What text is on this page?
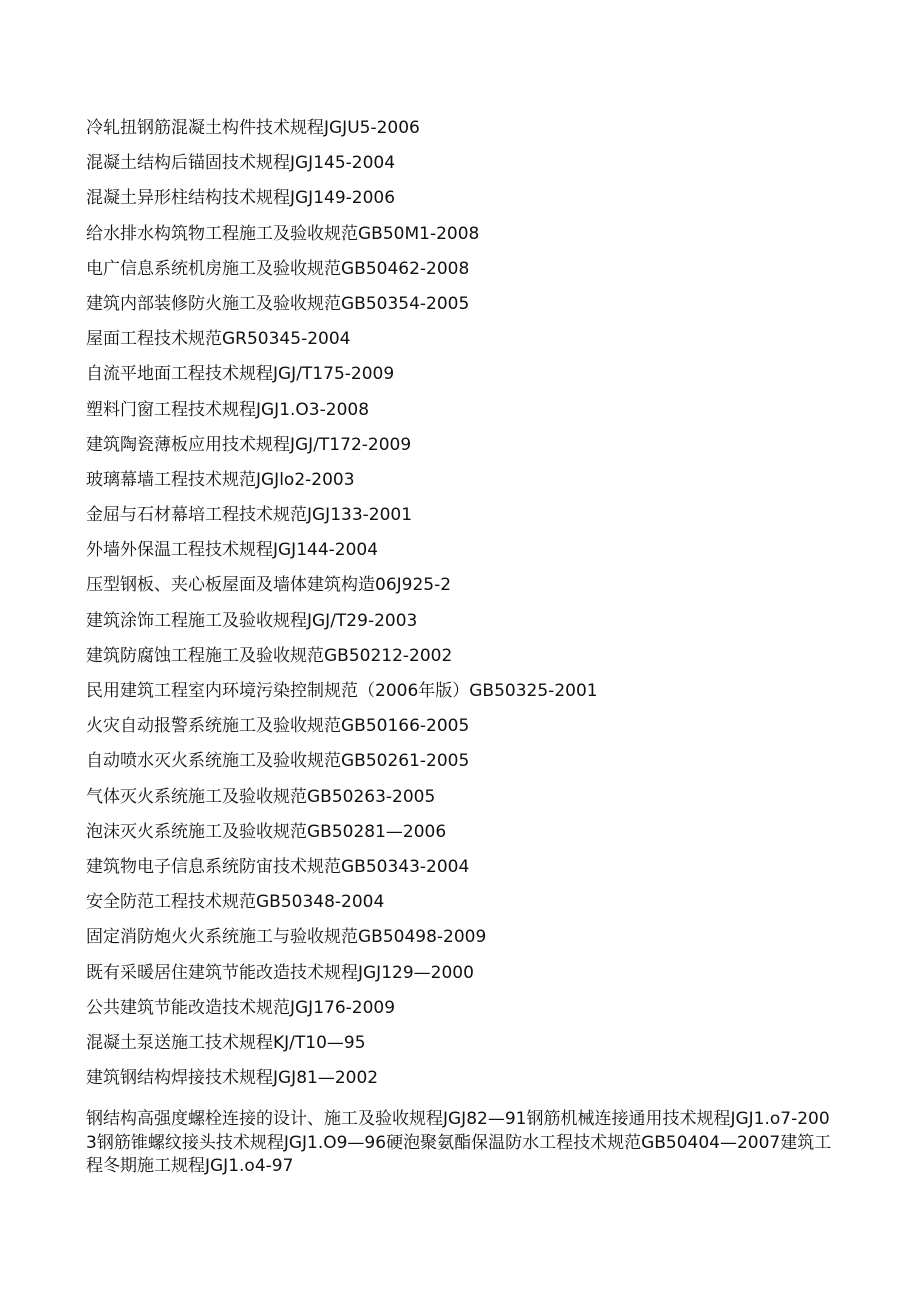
冷轧扭钢筋混凝土构件技术规程JGJU5-2006
混凝土结构后锚固技术规程JGJ145-2004
混凝土异形柱结构技术规程JGJ149-2006
给水排水构筑物工程施工及验收规范GB50M1-2008
电广信息系统机房施工及验收规范GB50462-2008
建筑内部装修防火施工及验收规范GB50354-2005
屋面工程技术规范GR50345-2004
自流平地面工程技术规程JGJ/T175-2009
塑料门窗工程技术规程JGJ1.O3-2008
建筑陶瓷薄板应用技术规程JGJ/T172-2009
玻璃幕墙工程技术规范JGJlo2-2003
金屈与石材幕培工程技术规范JGJ133-2001
外墙外保温工程技术规程JGJ144-2004
压型钢板、夹心板屋面及墙体建筑构造06J925-2
建筑涂饰工程施工及验收规程JGJ/T29-2003
建筑防腐蚀工程施工及验收规范GB50212-2002
民用建筑工程室内环境污染控制规范（2006年版）GB50325-2001
火灾自动报警系统施工及验收规范GB50166-2005
自动喷水灭火系统施工及验收规范GB50261-2005
气体灭火系统施工及验收规范GB50263-2005
泡沫灭火系统施工及验收规范GB50281—2006
建筑物电子信息系统防宙技术规范GB50343-2004
安全防范工程技术规范GB50348-2004
固定消防炮火火系统施工与验收规范GB50498-2009
既有采暖居住建筑节能改造技术规程JGJ129—2000
公共建筑节能改造技术规范JGJ176-2009
混凝土泵送施工技术规程KJ/T10—95
建筑钢结构焊接技术规程JGJ81—2002

钢结构高强度螺栓连接的设计、施工及验收规程JGJ82—91钢筋机械连接通用技术规程JGJ1.o7-2003钢筋锥螺纹接头技术规程JGJ1.O9—96硬泡聚氨酯保温防水工程技术规范GB50404—2007建筑工程冬期施工规程JGJ1.o4-97
